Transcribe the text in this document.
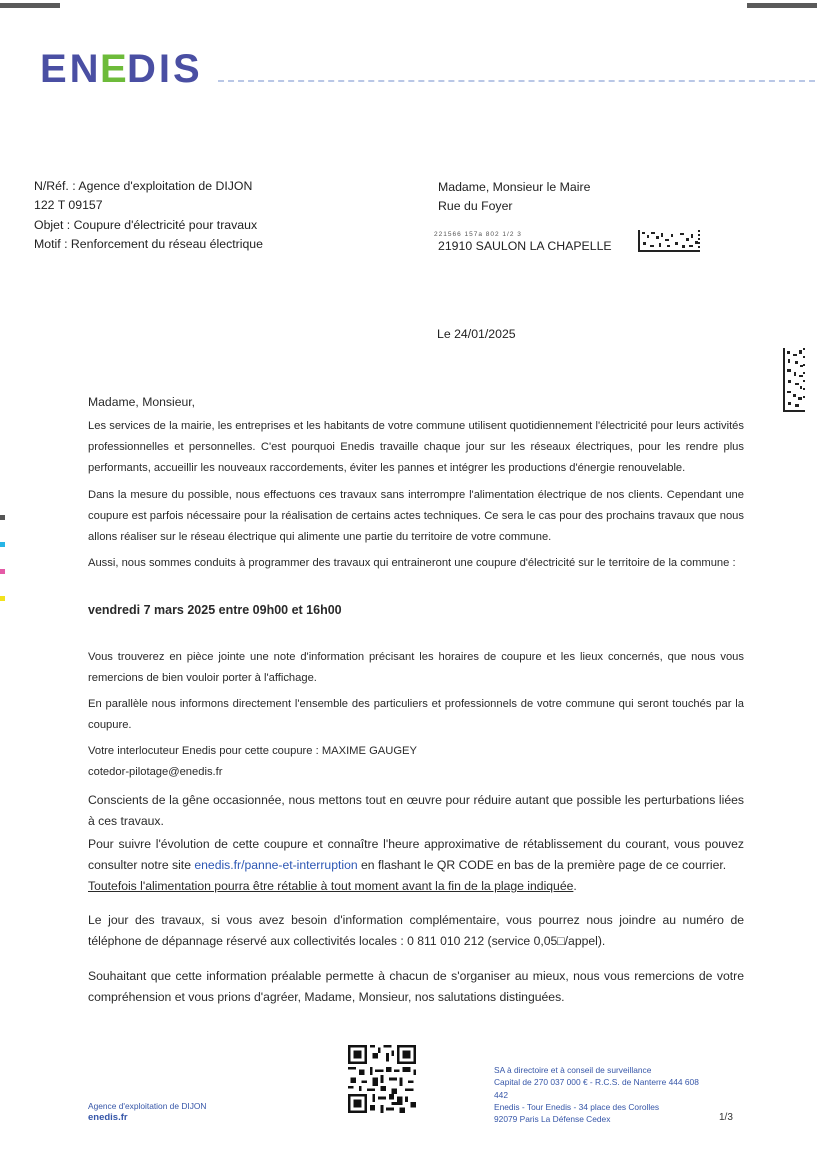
EN
E
DIS
N/Réf. : Agence d'exploitation de DIJON
122 T 09157
Objet : Coupure d'électricité pour travaux
Motif : Renforcement du réseau électrique
Madame, Monsieur le Maire
Rue du Foyer
21910 SAULON LA CHAPELLE
221566 157a 802 1/2 3
Le 24/01/2025

Madame, Monsieur,

Les services de la mairie, les entreprises et les habitants de votre commune utilisent quotidiennement l'électricité pour leurs activités professionnelles et personnelles. C'est pourquoi Enedis travaille chaque jour sur les réseaux électriques, pour les rendre plus performants, accueillir les nouveaux raccordements, éviter les pannes et intégrer les productions d'énergie renouvelable.

Dans la mesure du possible, nous effectuons ces travaux sans interrompre l'alimentation électrique de nos clients. Cependant une coupure est parfois nécessaire pour la réalisation de certains actes techniques. Ce sera le cas pour des prochains travaux que nous allons réaliser sur le réseau électrique qui alimente une partie du territoire de votre commune.

Aussi, nous sommes conduits à programmer des travaux qui entraineront une coupure d'électricité sur le territoire de la commune :

vendredi 7 mars 2025 entre 09h00 et 16h00

Vous trouverez en pièce jointe une note d'information précisant les horaires de coupure et les lieux concernés, que nous vous remercions de bien vouloir porter à l'affichage.

En parallèle nous informons directement l'ensemble des particuliers et professionnels de votre commune qui seront touchés par la coupure.

Votre interlocuteur Enedis pour cette coupure : MAXIME GAUGEY

cotedor-pilotage@enedis.fr

Conscients de la gêne occasionnée, nous mettons tout en œuvre pour réduire autant que possible les perturbations liées à ces travaux.

Pour suivre l'évolution de cette coupure et connaître l'heure approximative de rétablissement du courant, vous pouvez consulter notre site enedis.fr/panne-et-interruption en flashant le QR CODE en bas de la première page de ce courrier.
Toutefois l'alimentation pourra être rétablie à tout moment avant la fin de la plage indiquée.

Le jour des travaux, si vous avez besoin d'information complémentaire, vous pourrez nous joindre au numéro de téléphone de dépannage réservé aux collectivités locales : 0 811 010 212 (service 0,05□/appel).

Souhaitant que cette information préalable permette à chacun de s'organiser au mieux, nous vous remercions de votre compréhension et vous prions d'agréer, Madame, Monsieur, nos salutations distinguées.

Agence d'exploitation de DIJON
enedis.fr
SA à directoire et à conseil de surveillance
Capital de 270 037 000 € - R.C.S. de Nanterre 444 608 442
Enedis - Tour Enedis - 34 place des Corolles
92079 Paris La Défense Cedex	1/3
